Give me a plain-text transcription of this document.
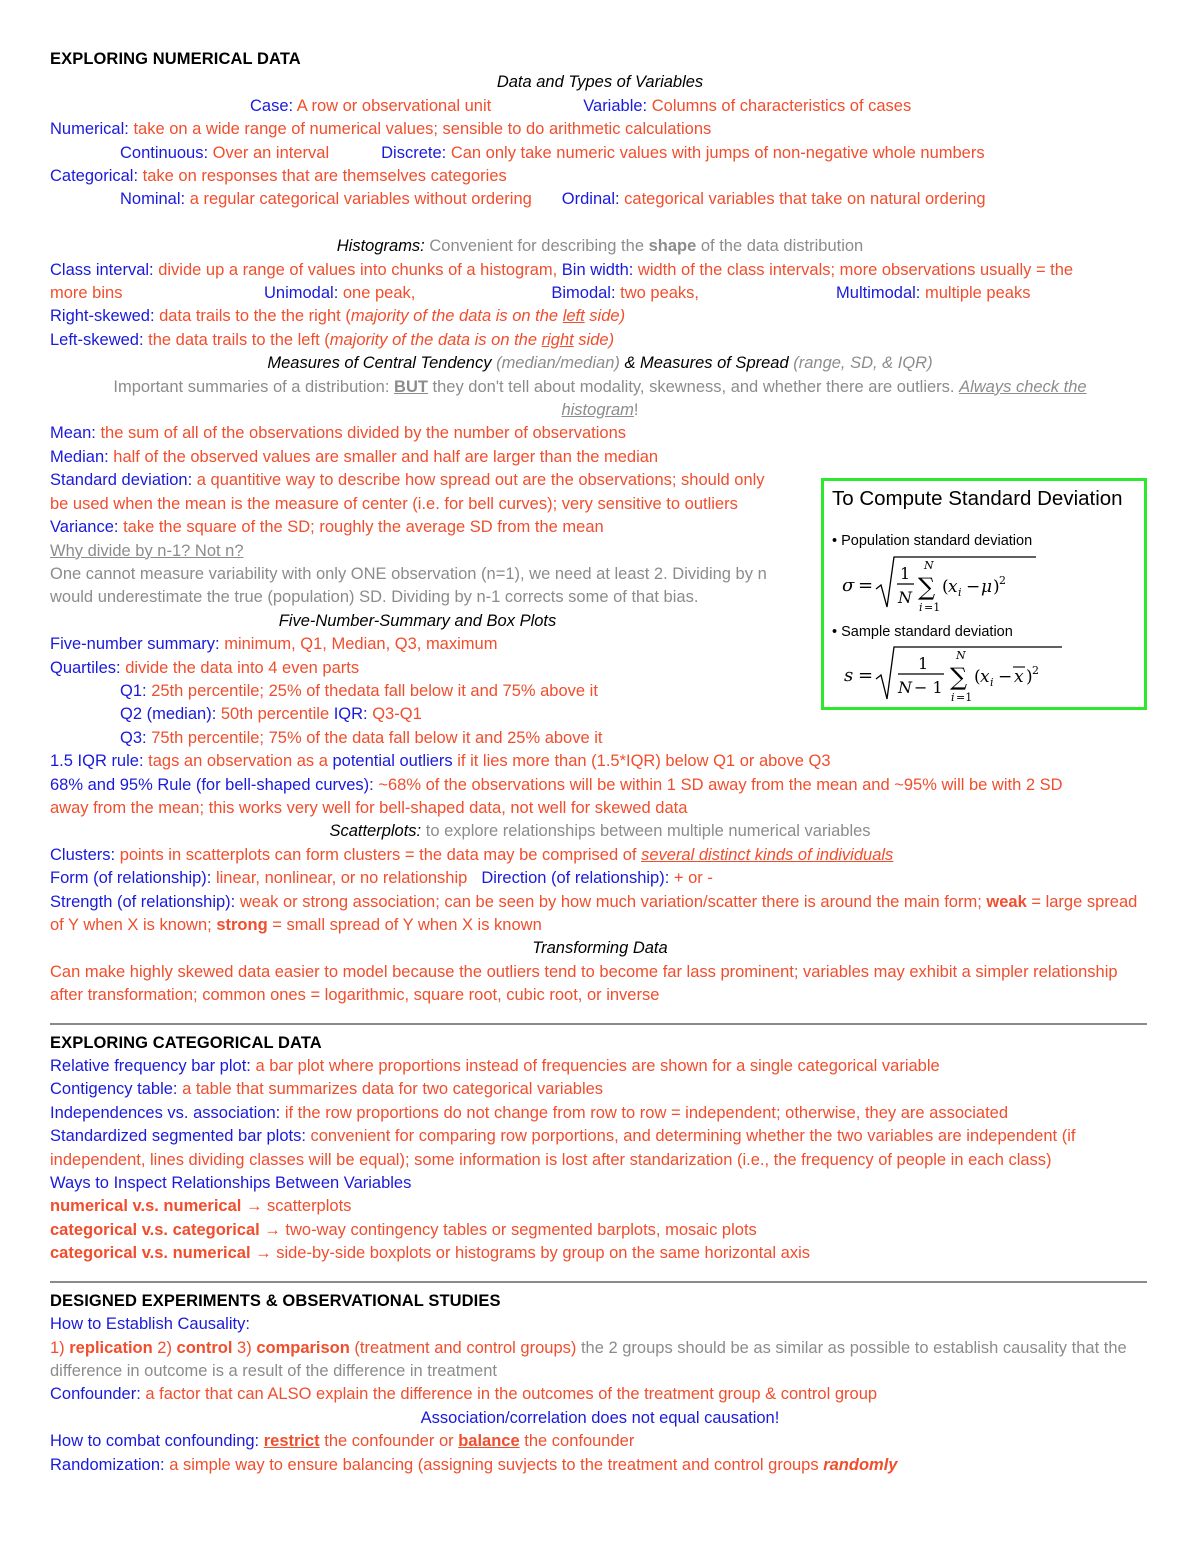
EXPLORING NUMERICAL DATA
Data and Types of Variables
Case: A row or observational unit	Variable: Columns of characteristics of cases
Numerical: take on a wide range of numerical values; sensible to do arithmetic calculations
Continuous: Over an interval	Discrete: Can only take numeric values with jumps of non-negative whole numbers
Categorical: take on responses that are themselves categories
Nominal: a regular categorical variables without ordering Ordinal: categorical variables that take on natural ordering
Histograms: Convenient for describing the shape of the data distribution
Class interval: divide up a range of values into chunks of a histogram, Bin width: width of the class intervals; more observations usually = the
more bins	Unimodal: one peak,	Bimodal: two peaks,	Multimodal: multiple peaks
Right-skewed: data trails to the the right (majority of the data is on the left side)
Left-skewed: the data trails to the left (majority of the data is on the right side)
Measures of Central Tendency (median/median) & Measures of Spread (range, SD, & IQR)
Important summaries of a distribution: BUT they don't tell about modality, skewness, and whether there are outliers. Always check the
histogram!
Mean: the sum of all of the observations divided by the number of observations
Median: half of the observed values are smaller and half are larger than the median
Standard deviation: a quantitive way to describe how spread out are the observations; should only be used when the mean is the measure of center (i.e. for bell curves); very sensitive to outliers Variance: take the square of the SD; roughly the average SD from the mean
Why divide by n-1? Not n?
One cannot measure variability with only ONE observation (n=1), we need at least 2. Dividing by n would underestimate the true (population) SD. Dividing by n-1 corrects some of that bias.
Five-Number-Summary and Box Plots
Five-number summary: minimum, Q1, Median, Q3, maximum
Quartiles: divide the data into 4 even parts
Q1: 25th percentile; 25% of thedata fall below it and 75% above it
Q2 (median): 50th percentile IQR: Q3-Q1
Q3: 75th percentile; 75% of the data fall below it and 25% above it
1.5 IQR rule: tags an observation as a potential outliers if it lies more than (1.5*IQR) below Q1 or above Q3
68% and 95% Rule (for bell-shaped curves): ~68% of the observations will be within 1 SD away from the mean and ~95% will be with 2 SD
away from the mean; this works very well for bell-shaped data, not well for skewed data
Scatterplots: to explore relationships between multiple numerical variables
Clusters: points in scatterplots can form clusters = the data may be comprised of several distinct kinds of individuals
Form (of relationship): linear, nonlinear, or no relationship Direction (of relationship): + or -
Strength (of relationship): weak or strong association; can be seen by how much variation/scatter there is around the main form; weak = large spread of Y when X is known; strong = small spread of Y when X is known
Transforming Data
Can make highly skewed data easier to model because the outliers tend to become far lass prominent; variables may exhibit a simpler relationship after transformation; common ones = logarithmic, square root, cubic root, or inverse
EXPLORING CATEGORICAL DATA
Relative frequency bar plot: a bar plot where proportions instead of frequencies are shown for a single categorical variable
Contigency table: a table that summarizes data for two categorical variables
Independences vs. association: if the row proportions do not change from row to row = independent; otherwise, they are associated
Standardized segmented bar plots: convenient for comparing row porportions, and determining whether the two variables are independent (if independent, lines dividing classes will be equal); some information is lost after standarization (i.e., the frequency of people in each class)
Ways to Inspect Relationships Between Variables
numerical v.s. numerical → scatterplots
categorical v.s. categorical → two-way contingency tables or segmented barplots, mosaic plots
categorical v.s. numerical → side-by-side boxplots or histograms by group on the same horizontal axis
DESIGNED EXPERIMENTS & OBSERVATIONAL STUDIES
How to Establish Causality:
1) replication 2) control 3) comparison (treatment and control groups) the 2 groups should be as similar as possible to establish causality that the difference in outcome is a result of the difference in treatment
Confounder: a factor that can ALSO explain the difference in the outcomes of the treatment group & control group
Association/correlation does not equal causation!
How to combat confounding: restrict the confounder or balance the confounder
Randomization: a simple way to ensure balancing (assigning suvjects to the treatment and control groups randomly
To Compute Standard Deviation
• Population standard deviation
σ =
1
N
N
∑
i =1
( x i − μ ) 2
• Sample standard deviation
s =
1
N − 1
N
∑
i =1
( x i − x ) 2
